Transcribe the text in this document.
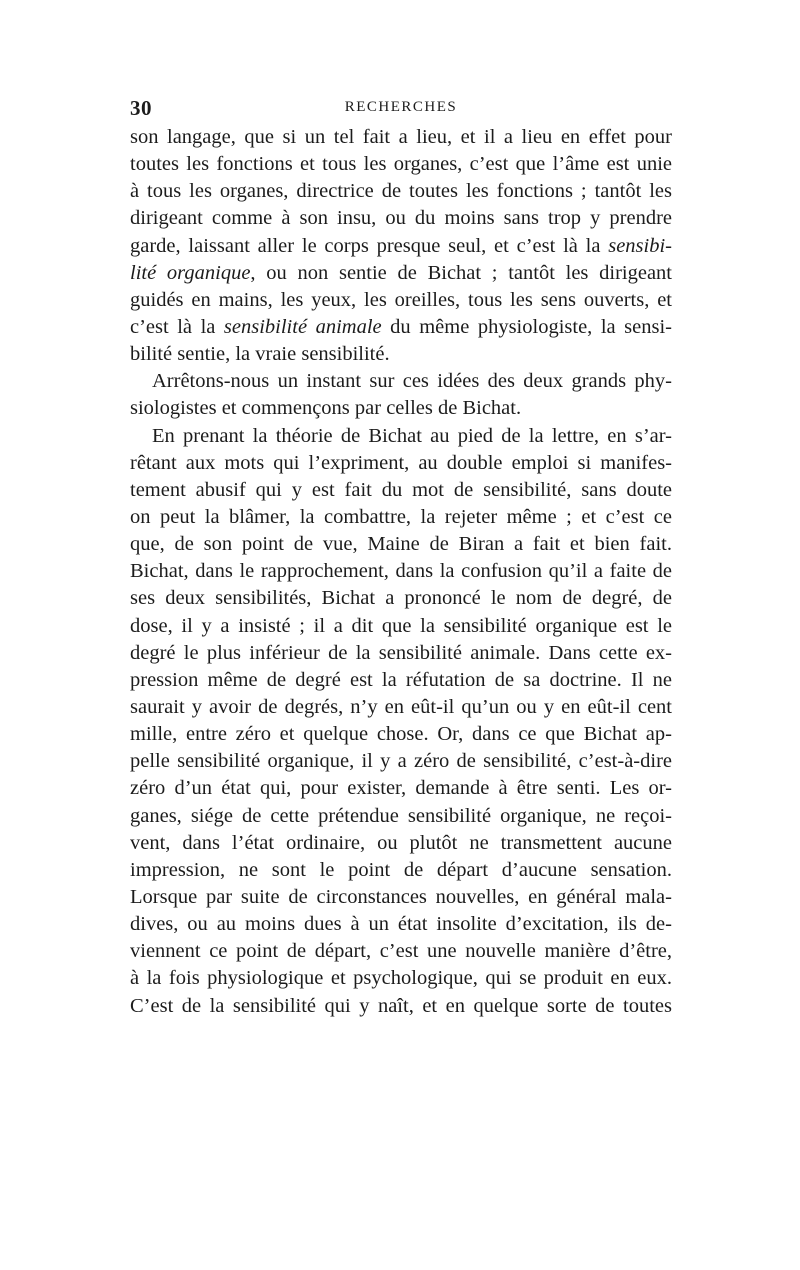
30	RECHERCHES
son langage, que si un tel fait a lieu, et il a lieu en effet pour
toutes les fonctions et tous les organes, c’est que l’âme est unie
à tous les organes, directrice de toutes les fonctions ; tantôt les
dirigeant comme à son insu, ou du moins sans trop y prendre
garde, laissant aller le corps presque seul, et c’est là la sensibi-
lité organique, ou non sentie de Bichat ; tantôt les dirigeant
guidés en mains, les yeux, les oreilles, tous les sens ouverts, et
c’est là la sensibilité animale du même physiologiste, la sensi-
bilité sentie, la vraie sensibilité.
Arrêtons-nous un instant sur ces idées des deux grands phy-
siologistes et commençons par celles de Bichat.
En prenant la théorie de Bichat au pied de la lettre, en s’ar-
rêtant aux mots qui l’expriment, au double emploi si manifes-
tement abusif qui y est fait du mot de sensibilité, sans doute
on peut la blâmer, la combattre, la rejeter même ; et c’est ce
que, de son point de vue, Maine de Biran a fait et bien fait.
Bichat, dans le rapprochement, dans la confusion qu’il a faite de
ses deux sensibilités, Bichat a prononcé le nom de degré, de
dose, il y a insisté ; il a dit que la sensibilité organique est le
degré le plus inférieur de la sensibilité animale. Dans cette ex-
pression même de degré est la réfutation de sa doctrine. Il ne
saurait y avoir de degrés, n’y en eût-il qu’un ou y en eût-il cent
mille, entre zéro et quelque chose. Or, dans ce que Bichat ap-
pelle sensibilité organique, il y a zéro de sensibilité, c’est-à-dire
zéro d’un état qui, pour exister, demande à être senti. Les or-
ganes, siége de cette prétendue sensibilité organique, ne reçoi-
vent, dans l’état ordinaire, ou plutôt ne transmettent aucune
impression, ne sont le point de départ d’aucune sensation.
Lorsque par suite de circonstances nouvelles, en général mala-
dives, ou au moins dues à un état insolite d’excitation, ils de-
viennent ce point de départ, c’est une nouvelle manière d’être,
à la fois physiologique et psychologique, qui se produit en eux.
C’est de la sensibilité qui y naît, et en quelque sorte de toutes
